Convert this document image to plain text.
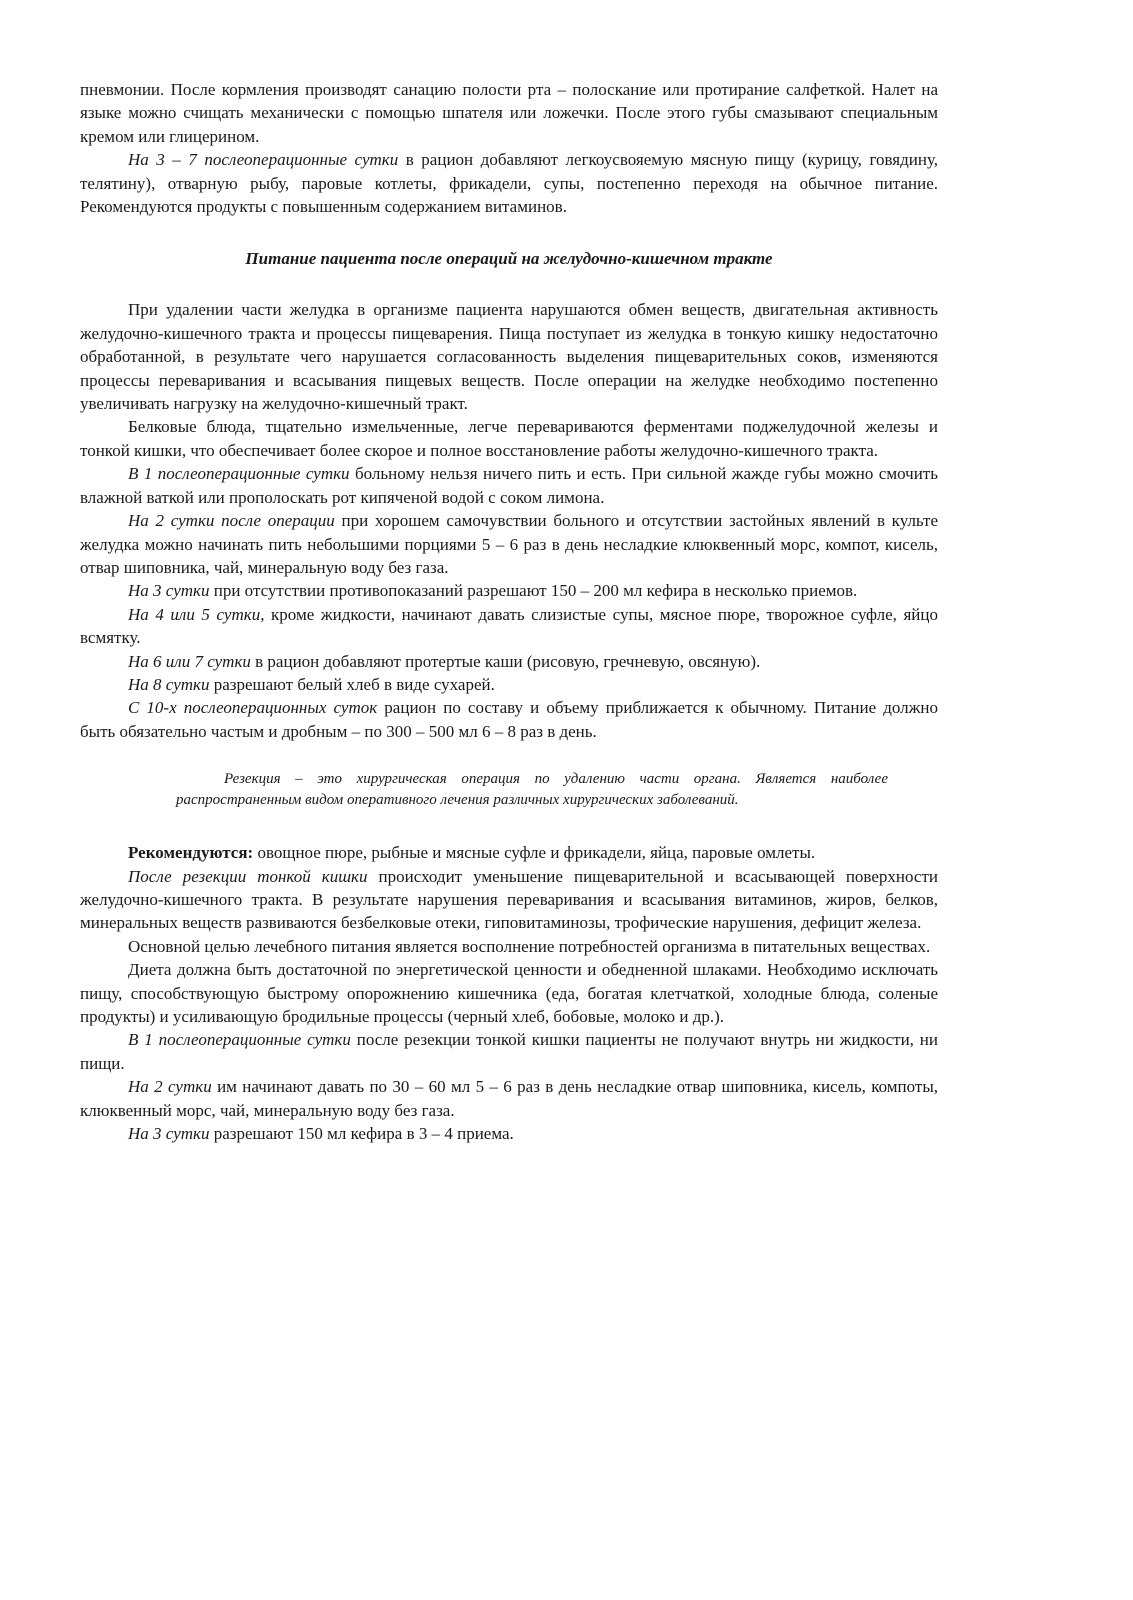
пневмонии. После кормления производят санацию полости рта – полоскание или протирание салфеткой. Налет на языке можно счищать механически с помощью шпателя или ложечки. После этого губы смазывают специальным кремом или глицерином.

На 3 – 7 послеоперационные сутки в рацион добавляют легкоусвояемую мясную пищу (курицу, говядину, телятину), отварную рыбу, паровые котлеты, фрикадели, супы, постепенно переходя на обычное питание. Рекомендуются продукты с повышенным содержанием витаминов.

Питание пациента после операций на желудочно-кишечном тракте

При удалении части желудка в организме пациента нарушаются обмен веществ, двигательная активность желудочно-кишечного тракта и процессы пищеварения. Пища поступает из желудка в тонкую кишку недостаточно обработанной, в результате чего нарушается согласованность выделения пищеварительных соков, изменяются процессы переваривания и всасывания пищевых веществ. После операции на желудке необходимо постепенно увеличивать нагрузку на желудочно-кишечный тракт.

Белковые блюда, тщательно измельченные, легче перевариваются ферментами поджелудочной железы и тонкой кишки, что обеспечивает более скорое и полное восстановление работы желудочно-кишечного тракта.

В 1 послеоперационные сутки больному нельзя ничего пить и есть. При сильной жажде губы можно смочить влажной ваткой или прополоскать рот кипяченой водой с соком лимона.

На 2 сутки после операции при хорошем самочувствии больного и отсутствии застойных явлений в культе желудка можно начинать пить небольшими порциями 5 – 6 раз в день несладкие клюквенный морс, компот, кисель, отвар шиповника, чай, минеральную воду без газа.

На 3 сутки при отсутствии противопоказаний разрешают 150 – 200 мл кефира в несколько приемов.

На 4 или 5 сутки, кроме жидкости, начинают давать слизистые супы, мясное пюре, творожное суфле, яйцо всмятку.

На 6 или 7 сутки в рацион добавляют протертые каши (рисовую, гречневую, овсяную).

На 8 сутки разрешают белый хлеб в виде сухарей.

С 10-х послеоперационных суток рацион по составу и объему приближается к обычному. Питание должно быть обязательно частым и дробным – по 300 – 500 мл 6 – 8 раз в день.

Резекция – это хирургическая операция по удалению части органа. Является наиболее распространенным видом оперативного лечения различных хирургических заболеваний.

Рекомендуются: овощное пюре, рыбные и мясные суфле и фрикадели, яйца, паровые омлеты.

После резекции тонкой кишки происходит уменьшение пищеварительной и всасывающей поверхности желудочно-кишечного тракта. В результате нарушения переваривания и всасывания витаминов, жиров, белков, минеральных веществ развиваются безбелковые отеки, гиповитаминозы, трофические нарушения, дефицит железа.

Основной целью лечебного питания является восполнение потребностей организма в питательных веществах.

Диета должна быть достаточной по энергетической ценности и обедненной шлаками. Необходимо исключать пищу, способствующую быстрому опорожнению кишечника (еда, богатая клетчаткой, холодные блюда, соленые продукты) и усиливающую бродильные процессы (черный хлеб, бобовые, молоко и др.).

В 1 послеоперационные сутки после резекции тонкой кишки пациенты не получают внутрь ни жидкости, ни пищи.

На 2 сутки им начинают давать по 30 – 60 мл 5 – 6 раз в день несладкие отвар шиповника, кисель, компоты, клюквенный морс, чай, минеральную воду без газа.

На 3 сутки разрешают 150 мл кефира в 3 – 4 приема.
